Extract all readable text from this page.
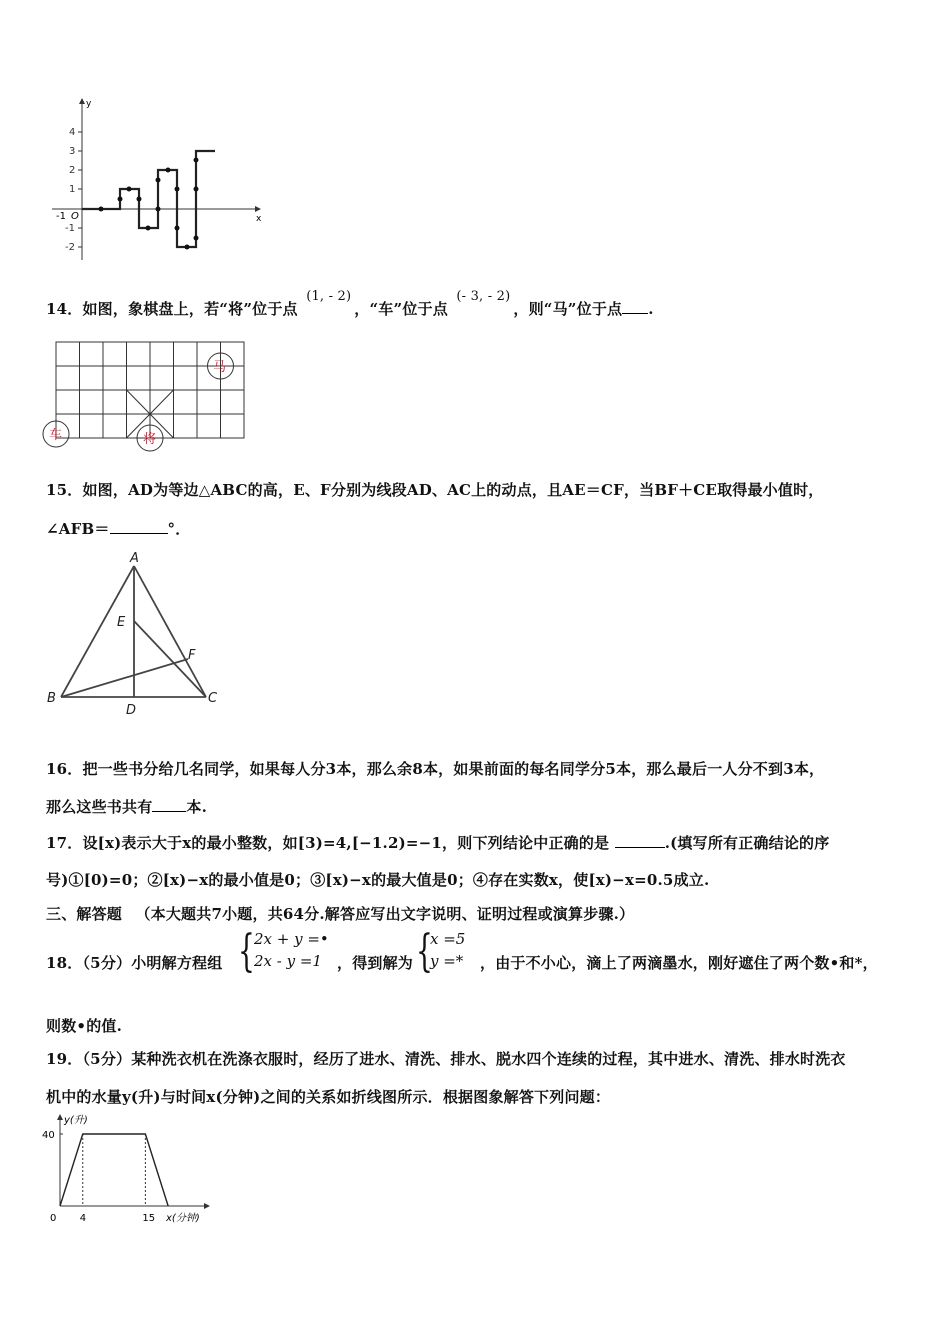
y
x
O
-1
4
3
2
1
-1
-2
14．如图，象棋盘上，若“将”位于点 (1, - 2)，“车”位于点 (- 3, - 2)，则“马”位于点 .
马
车	将
15．如图，AD为等边△ABC的高，E、F分别为线段AD、AC上的动点，且AE＝CF，当BF＋CE取得最小值时，
∠AFB＝	°．
A
B	C
D
E
F
16．把一些书分给几名同学，如果每人分3本，那么余8本，如果前面的每名同学分5本，那么最后一人分不到3本，
那么这些书共有 本.
17．设[x)表示大于x的最小整数，如[3)=4,[−1.2)=−1，则下列结论中正确的是	.(填写所有正确结论的序
号)①[0)=0；②[x)−x的最小值是0；③[x)−x的最大值是0；④存在实数x，使[x)−x=0.5成立.
三、解答题 （本大题共7小题，共64分.解答应写出文字说明、证明过程或演算步骤.）
18．（5分）小明解方程组 { 2x + y =•
2x - y =1	，得到解为 {
x =5
y =* ，由于不小心，滴上了两滴墨水，刚好遮住了两个数•和*，
则数•的值.
19．（5分）某种洗衣机在洗涤衣服时，经历了进水、清洗、排水、脱水四个连续的过程，其中进水、清洗、排水时洗衣
机中的水量y(升)与时间x(分钟)之间的关系如折线图所示．根据图象解答下列问题：
y(升)
x(分钟)
0 4	15
40
